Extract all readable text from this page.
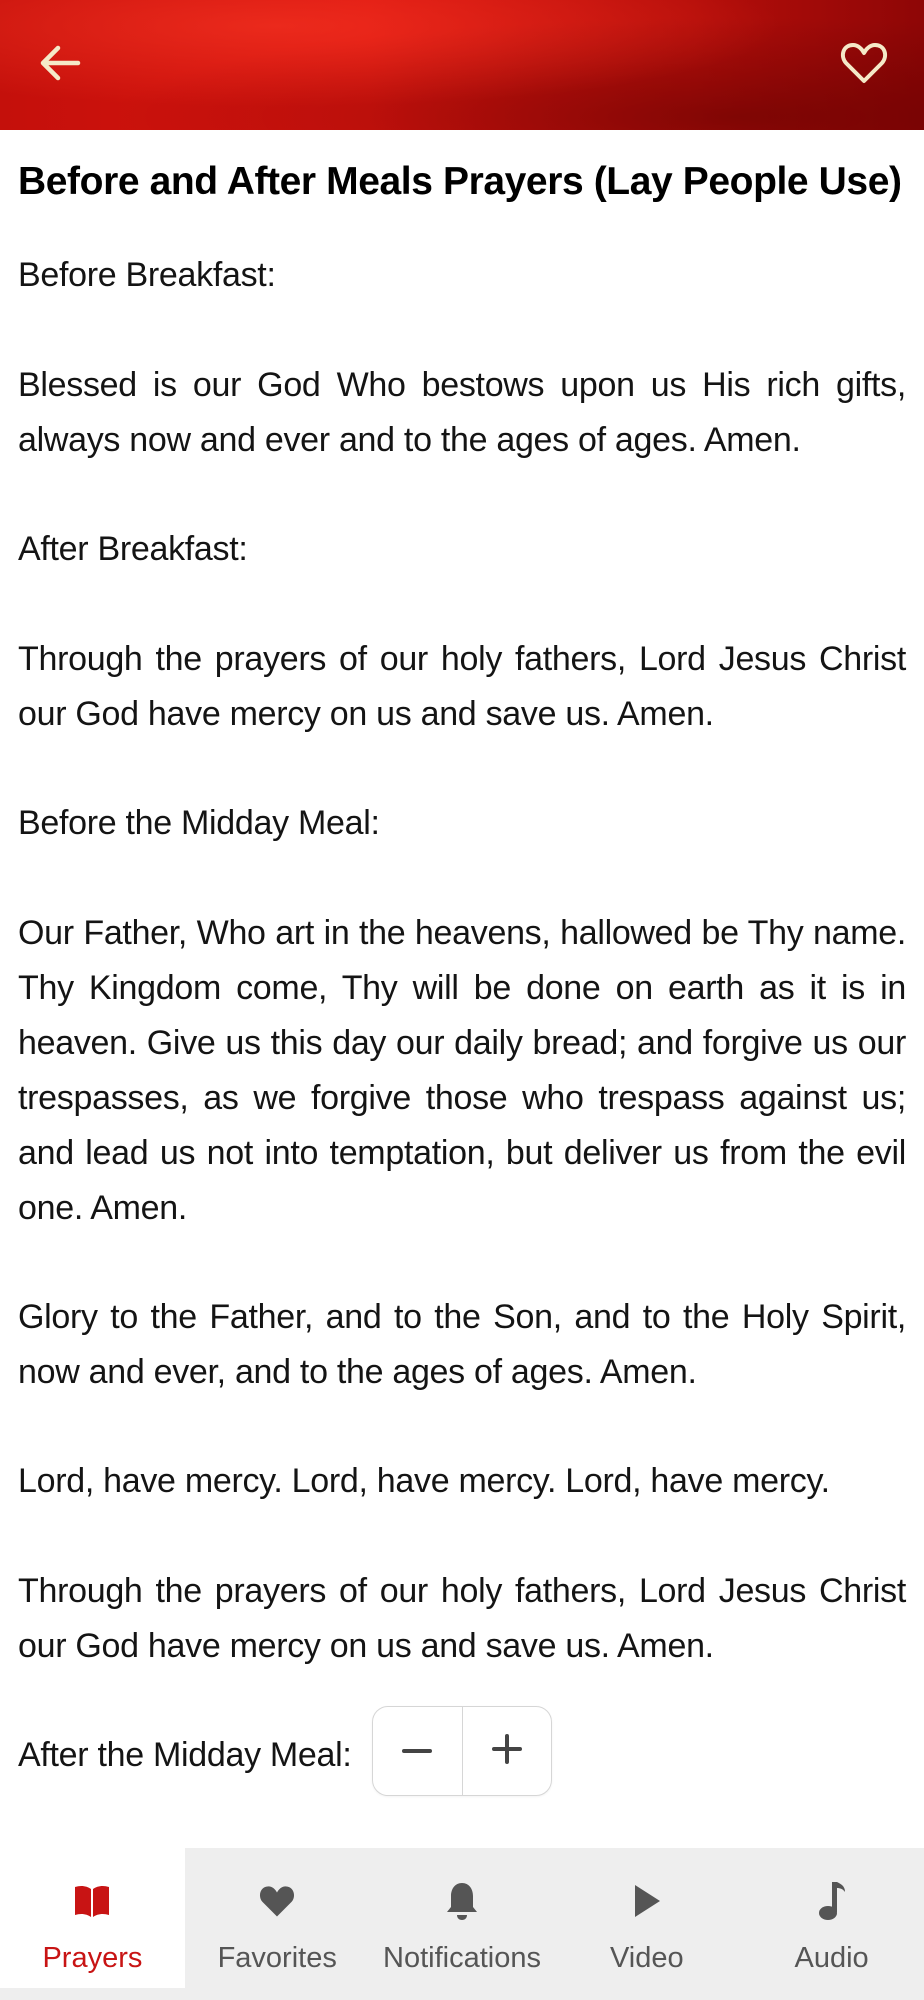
Before and After Meals Prayers (Lay People Use)

Before Breakfast:

Blessed is our God Who bestows upon us His rich gifts, always now and ever and to the ages of ages. Amen.

After Breakfast:

Through the prayers of our holy fathers, Lord Jesus Christ our God have mercy on us and save us. Amen.

Before the Midday Meal:

Our Father, Who art in the heavens, hallowed be Thy name. Thy Kingdom come, Thy will be done on earth as it is in heaven. Give us this day our daily bread; and forgive us our trespasses, as we forgive those who trespass against us; and lead us not into temptation, but deliver us from the evil one. Amen.

Glory to the Father, and to the Son, and to the Holy Spirit, now and ever, and to the ages of ages. Amen.

Lord, have mercy. Lord, have mercy. Lord, have mercy.

Through the prayers of our holy fathers, Lord Jesus Christ our God have mercy on us and save us. Amen.

After the Midday Meal:

Prayers	Favorites Notifications Video	Audio
